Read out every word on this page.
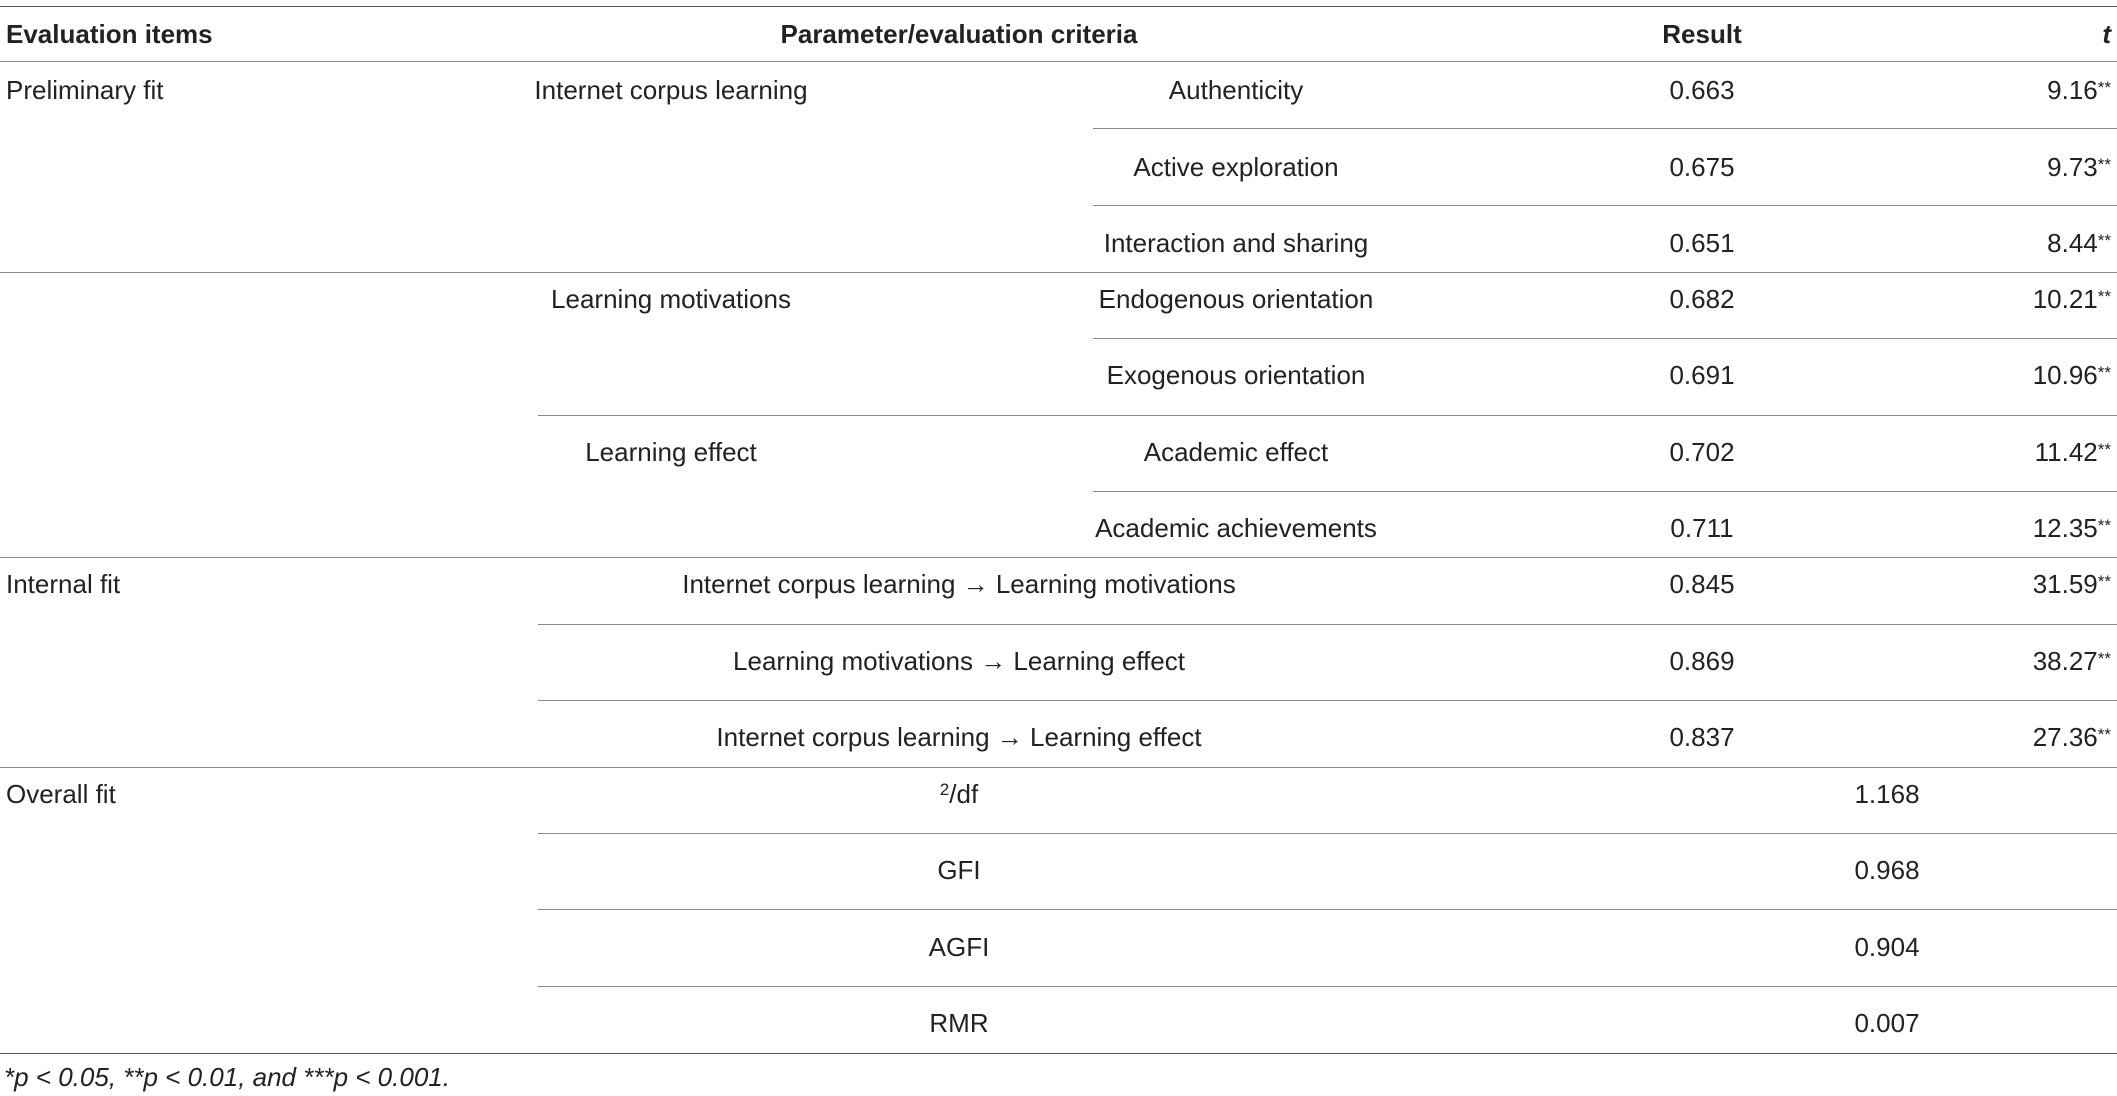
Evaluation items	Parameter/evaluation criteria	Result	t
Preliminary fit	Internet corpus learning	Authenticity	0.663	9.16**
Active exploration	0.675	9.73**
Interaction and sharing	0.651	8.44**
Learning motivations	Endogenous orientation	0.682	10.21**
Exogenous orientation	0.691	10.96**
Learning effect	Academic effect	0.702	11.42**
Academic achievements	0.711	12.35**
Internal fit	Internet corpus learning → Learning motivations	0.845	31.59**
Learning motivations → Learning effect	0.869	38.27**
Internet corpus learning → Learning effect	0.837	27.36**
Overall fit	$^2$/df	1.168
GFI	0.968
AGFI	0.904
RMR	0.007
*p < 0.05, **p < 0.01, and ***p < 0.001.
